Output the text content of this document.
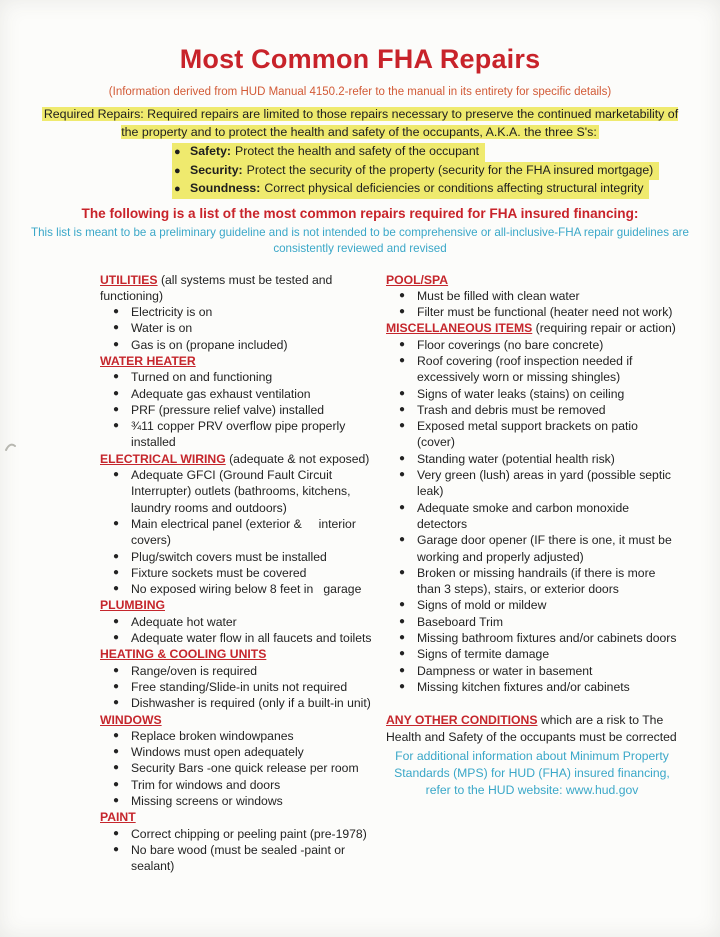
Most Common FHA Repairs
(Information derived from HUD Manual 4150.2-refer to the manual in its entirety for specific details)
Required Repairs: Required repairs are limited to those repairs necessary to preserve the continued marketability of the property and to protect the health and safety of the occupants, A.K.A. the three S's:
● Safety: Protect the health and safety of the occupant
● Security: Protect the security of the property (security for the FHA insured mortgage)
● Soundness: Correct physical deficiencies or conditions affecting structural integrity
The following is a list of the most common repairs required for FHA insured financing:
This list is meant to be a preliminary guideline and is not intended to be comprehensive or all-inclusive-FHA repair guidelines are consistently reviewed and revised
UTILITIES (all systems must be tested and functioning)
● Electricity is on
● Water is on
● Gas is on (propane included)
WATER HEATER
● Turned on and functioning
● Adequate gas exhaust ventilation
● PRF (pressure relief valve) installed
● ¾11 copper PRV overflow pipe properly installed
ELECTRICAL WIRING (adequate & not exposed)
● Adequate GFCI (Ground Fault Circuit Interrupter) outlets (bathrooms, kitchens, laundry rooms and outdoors)
● Main electrical panel (exterior &     interior covers)
● Plug/switch covers must be installed
● Fixture sockets must be covered
● No exposed wiring below 8 feet in   garage
PLUMBING
● Adequate hot water
● Adequate water flow in all faucets and toilets
HEATING & COOLING UNITS
● Range/oven is required
● Free standing/Slide-in units not required
● Dishwasher is required (only if a built-in unit)
WINDOWS
● Replace broken windowpanes
● Windows must open adequately
● Security Bars -one quick release per room
● Trim for windows and doors
● Missing screens or windows
PAINT
● Correct chipping or peeling paint (pre-1978)
● No bare wood (must be sealed -paint or sealant)
POOL/SPA
● Must be filled with clean water
● Filter must be functional (heater need not work)
MISCELLANEOUS ITEMS (requiring repair or action)
● Floor coverings (no bare concrete)
● Roof covering (roof inspection needed if excessively worn or missing shingles)
● Signs of water leaks (stains) on ceiling
● Trash and debris must be removed
● Exposed metal support brackets on patio (cover)
● Standing water (potential health risk)
● Very green (lush) areas in yard (possible septic leak)
● Adequate smoke and carbon monoxide detectors
● Garage door opener (IF there is one, it must be working and properly adjusted)
● Broken or missing handrails (if there is more than 3 steps), stairs, or exterior doors
● Signs of mold or mildew
● Baseboard Trim
● Missing bathroom fixtures and/or cabinets doors
● Signs of termite damage
● Dampness or water in basement
● Missing kitchen fixtures and/or cabinets
ANY OTHER CONDITIONS which are a risk to The Health and Safety of the occupants must be corrected
For additional information about Minimum Property Standards (MPS) for HUD (FHA) insured financing, refer to the HUD website: www.hud.gov
